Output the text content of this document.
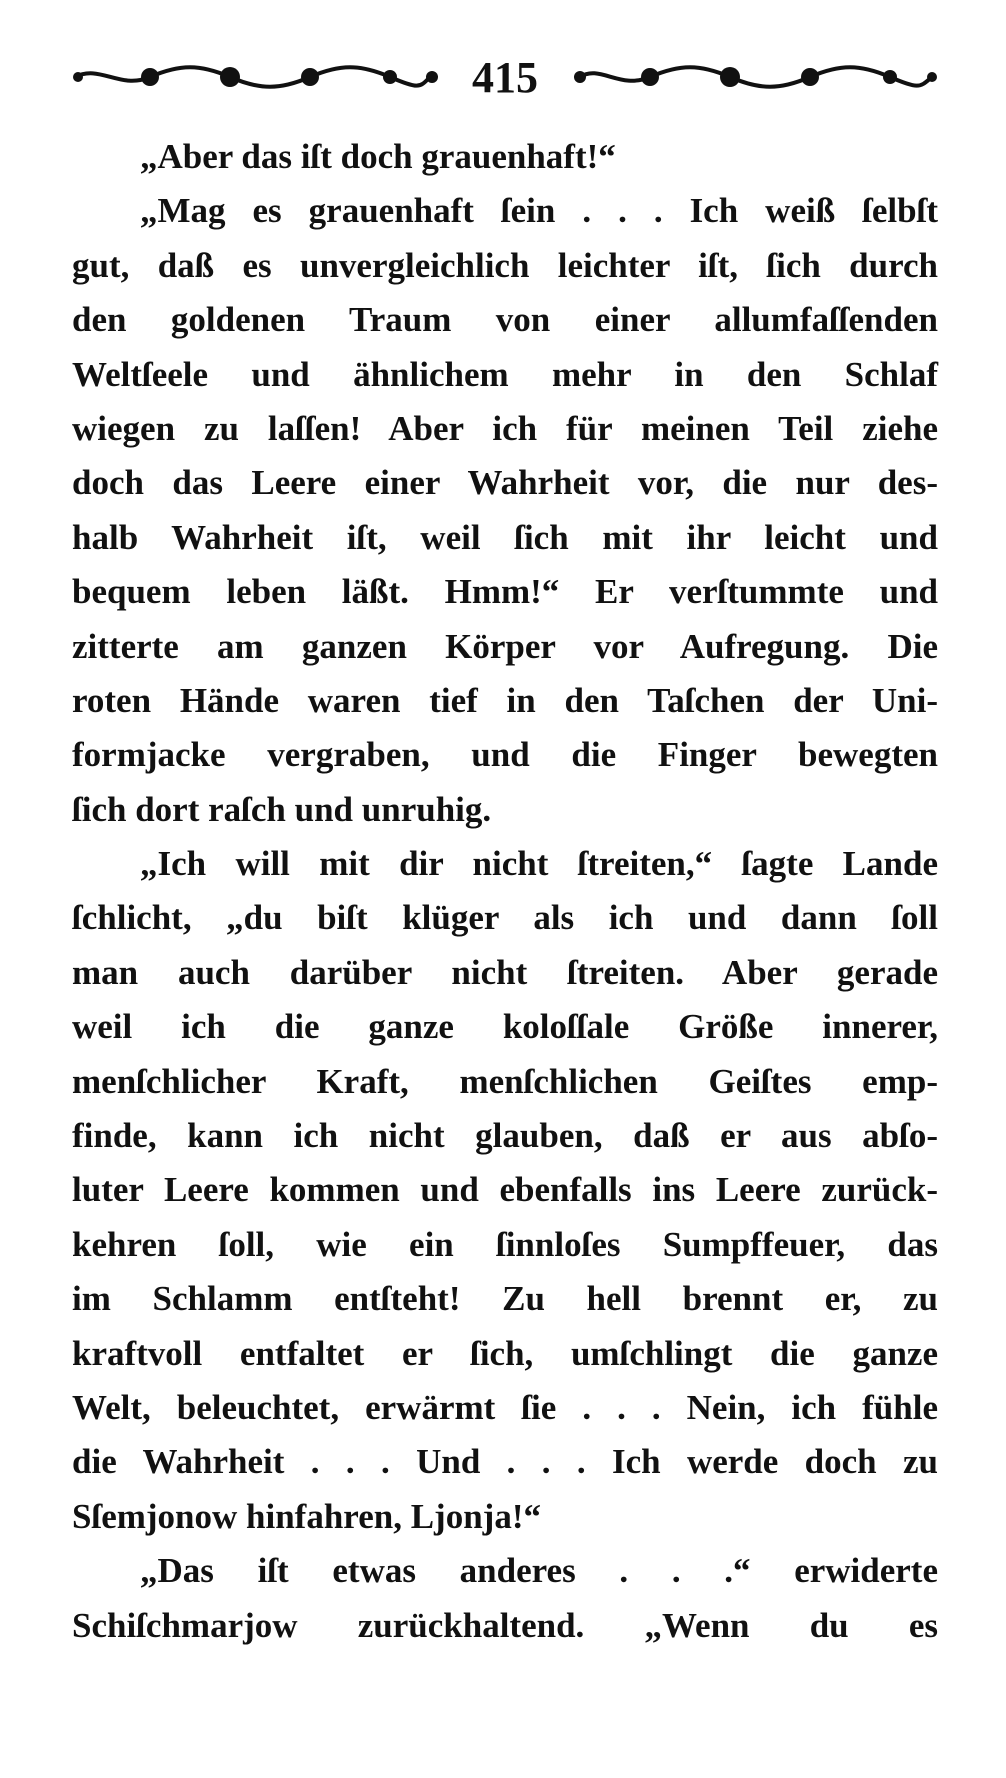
415
„Aber das iſt doch grauenhaft!“
„Mag es grauenhaft ſein . . . Ich weiß ſelbſt
gut, daß es unvergleichlich leichter iſt, ſich durch
den goldenen Traum von einer allumfaſſenden
Weltſeele und ähnlichem mehr in den Schlaf
wiegen zu laſſen! Aber ich für meinen Teil ziehe
doch das Leere einer Wahrheit vor, die nur des-
halb Wahrheit iſt, weil ſich mit ihr leicht und
bequem leben läßt. Hmm!“ Er verſtummte und
zitterte am ganzen Körper vor Aufregung. Die
roten Hände waren tief in den Taſchen der Uni-
formjacke vergraben, und die Finger bewegten
ſich dort raſch und unruhig.
„Ich will mit dir nicht ſtreiten,“ ſagte Lande
ſchlicht, „du biſt klüger als ich und dann ſoll
man auch darüber nicht ſtreiten. Aber gerade
weil ich die ganze koloſſale Größe innerer,
menſchlicher Kraft, menſchlichen Geiſtes emp-
finde, kann ich nicht glauben, daß er aus abſo-
luter Leere kommen und ebenfalls ins Leere zurück-
kehren ſoll, wie ein ſinnloſes Sumpffeuer, das
im Schlamm entſteht! Zu hell brennt er, zu
kraftvoll entfaltet er ſich, umſchlingt die ganze
Welt, beleuchtet, erwärmt ſie . . . Nein, ich fühle
die Wahrheit . . . Und . . . Ich werde doch zu
Sſemjonow hinfahren, Ljonja!“
„Das iſt etwas anderes . . .“ erwiderte
Schiſchmarjow zurückhaltend. „Wenn du es
